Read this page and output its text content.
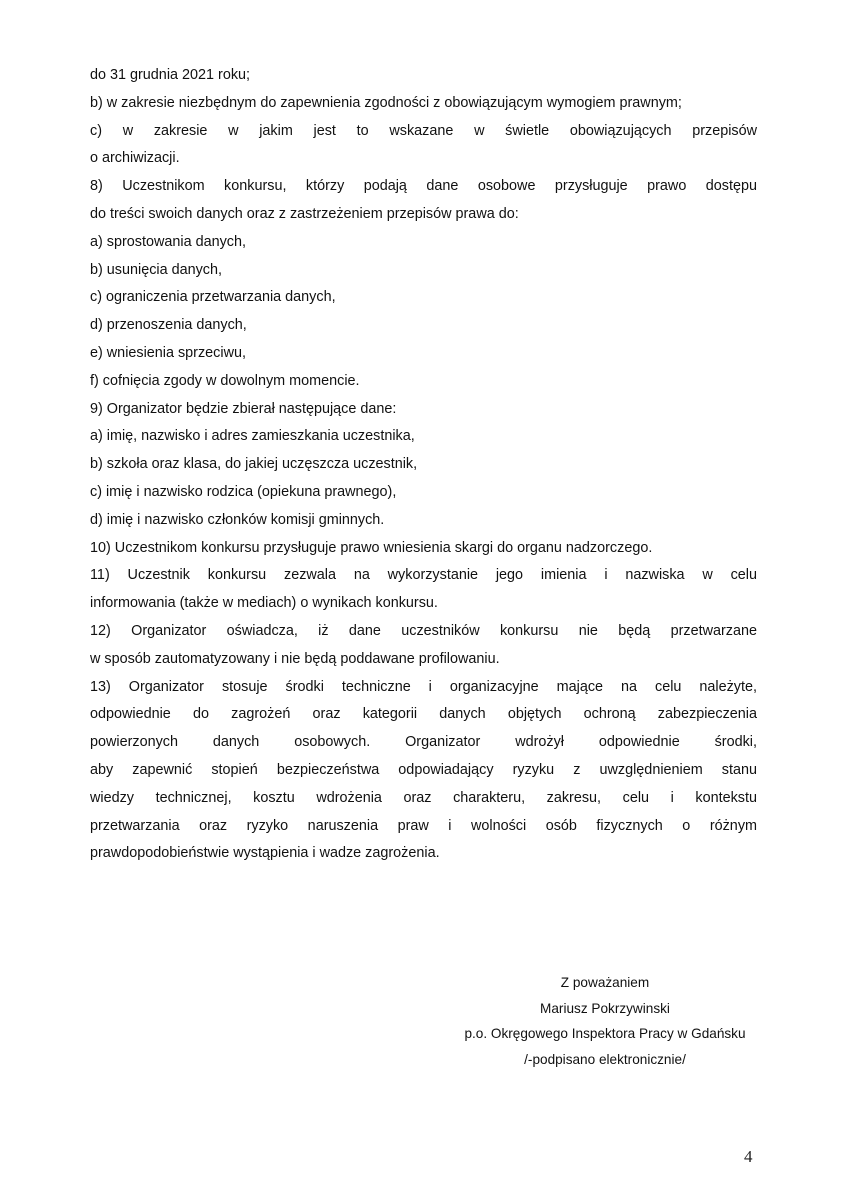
do 31 grudnia 2021 roku;
b) w zakresie niezbędnym do zapewnienia zgodności z obowiązującym wymogiem prawnym;
c) w zakresie w jakim jest to wskazane w świetle obowiązujących przepisów
o archiwizacji.
8) Uczestnikom konkursu, którzy podają dane osobowe przysługuje prawo dostępu
do treści swoich danych oraz z zastrzeżeniem przepisów prawa do:
a) sprostowania danych,
b) usunięcia danych,
c) ograniczenia przetwarzania danych,
d) przenoszenia danych,
e) wniesienia sprzeciwu,
f) cofnięcia zgody w dowolnym momencie.
9) Organizator będzie zbierał następujące dane:
a) imię, nazwisko i adres zamieszkania uczestnika,
b) szkoła oraz klasa, do jakiej uczęszcza uczestnik,
c) imię i nazwisko rodzica (opiekuna prawnego),
d) imię i nazwisko członków komisji gminnych.
10) Uczestnikom konkursu przysługuje prawo wniesienia skargi do organu nadzorczego.
11) Uczestnik konkursu zezwala na wykorzystanie jego imienia i nazwiska w celu
informowania (także w mediach) o wynikach konkursu.
12) Organizator oświadcza, iż dane uczestników konkursu nie będą przetwarzane
w sposób zautomatyzowany i nie będą poddawane profilowaniu.
13) Organizator stosuje środki techniczne i organizacyjne mające na celu należyte,
odpowiednie do zagrożeń oraz kategorii danych objętych ochroną zabezpieczenia
powierzonych danych osobowych. Organizator wdrożył odpowiednie środki,
aby zapewnić stopień bezpieczeństwa odpowiadający ryzyku z uwzględnieniem stanu
wiedzy technicznej, kosztu wdrożenia oraz charakteru, zakresu, celu i kontekstu
przetwarzania oraz ryzyko naruszenia praw i wolności osób fizycznych o różnym
prawdopodobieństwie wystąpienia i wadze zagrożenia.
Z poważaniem
Mariusz Pokrzywinski
p.o. Okręgowego Inspektora Pracy w Gdańsku
/-podpisano elektronicznie/
4
